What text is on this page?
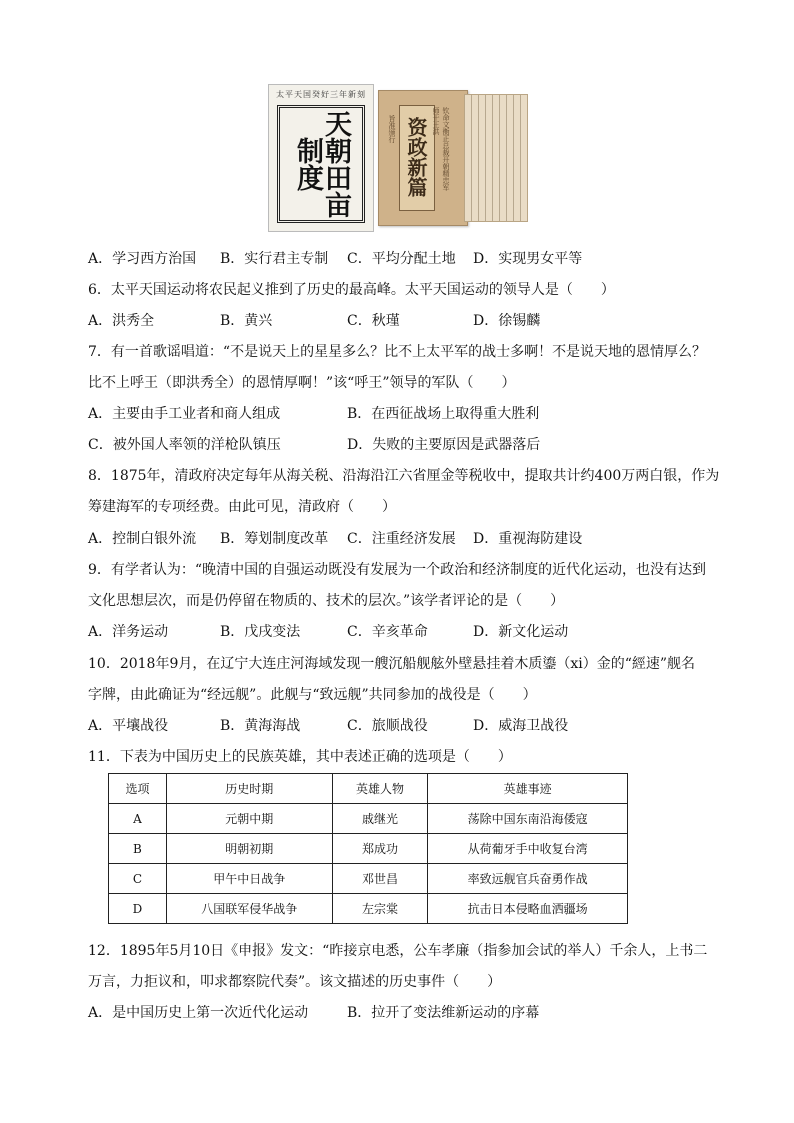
太平天国癸好三年新刻
天朝田亩制度
旨准颁行 资政新篇	钦命文衡正总裁开朝精忠军师干王洪
A．学习西方治国 B．实行君主专制 C．平均分配土地 D．实现男女平等
6．太平天国运动将农民起义推到了历史的最高峰。太平天国运动的领导人是（　　）
A．洪秀全	B．黄兴	C．秋瑾	D．徐锡麟
7．有一首歌谣唱道：“不是说天上的星星多么？比不上太平军的战士多啊！不是说天地的恩情厚么？
比不上呼王（即洪秀全）的恩情厚啊！”该“呼王”领导的军队（　　）
A．主要由手工业者和商人组成	B．在西征战场上取得重大胜利
C．被外国人率领的洋枪队镇压	D．失败的主要原因是武器落后
8．1875年，清政府决定每年从海关税、沿海沿江六省厘金等税收中，提取共计约400万两白银，作为
筹建海军的专项经费。由此可见，清政府（　　）
A．控制白银外流 B．筹划制度改革 C．注重经济发展 D．重视海防建设
9．有学者认为：“晚清中国的自强运动既没有发展为一个政治和经济制度的近代化运动，也没有达到
文化思想层次，而是仍停留在物质的、技术的层次。”该学者评论的是（　　）
A．洋务运动	B．戊戌变法	C．辛亥革命	D．新文化运动
10．2018年9月，在辽宁大连庄河海域发现一艘沉船舰舷外壁悬挂着木质鎏（xi）金的“經速”舰名
字牌，由此确证为“经远舰”。此舰与“致远舰”共同参加的战役是（　　）
A．平壤战役	B．黄海海战	C．旅顺战役	D．威海卫战役
11．下表为中国历史上的民族英雄，其中表述正确的选项是（　　）
选项	历史时期	英雄人物	英雄事迹
A	元朝中期	戚继光	荡除中国东南沿海倭寇
B	明朝初期	郑成功	从荷葡牙手中收复台湾
C	甲午中日战争	邓世昌	率致远舰官兵奋勇作战
D	八国联军侵华战争	左宗棠	抗击日本侵略血洒疆场
12．1895年5月10日《申报》发文：“昨接京电悉，公车孝廉（指参加会试的举人）千余人，上书二
万言，力拒议和，叩求都察院代奏”。该文描述的历史事件（　　）
A．是中国历史上第一次近代化运动	B．拉开了变法维新运动的序幕
